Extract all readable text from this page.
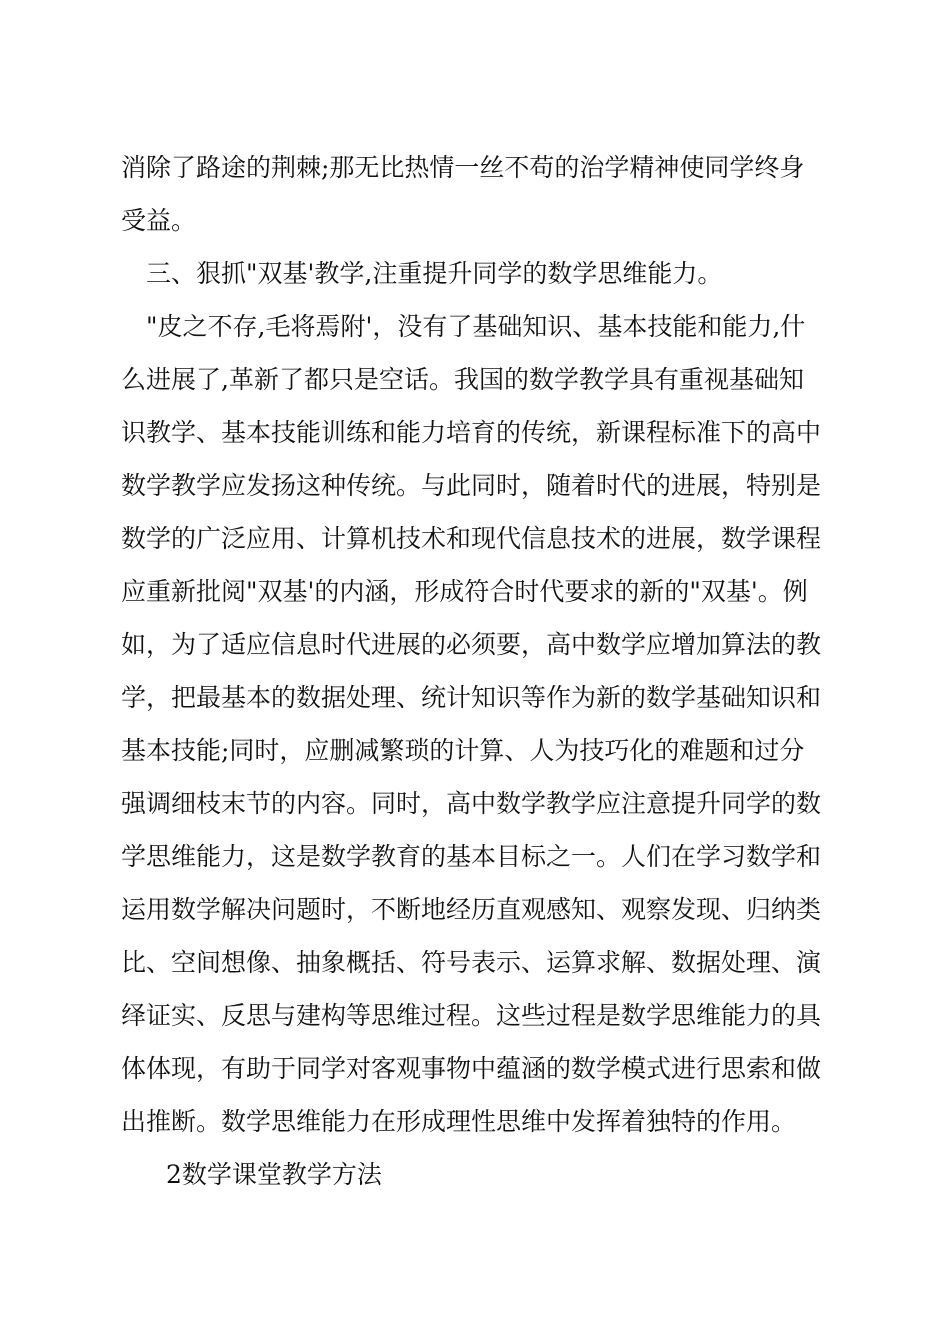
消除了路途的荆棘;那无比热情一丝不苟的治学精神使同学终身
受益。
三、狠抓"双基'教学,注重提升同学的数学思维能力。
"皮之不存,毛将焉附'，没有了基础知识、基本技能和能力,什
么进展了,革新了都只是空话。我国的数学教学具有重视基础知
识教学、基本技能训练和能力培育的传统，新课程标准下的高中
数学教学应发扬这种传统。与此同时，随着时代的进展，特别是
数学的广泛应用、计算机技术和现代信息技术的进展，数学课程
应重新批阅"双基'的内涵，形成符合时代要求的新的"双基'。例
如，为了适应信息时代进展的必须要，高中数学应增加算法的教
学，把最基本的数据处理、统计知识等作为新的数学基础知识和
基本技能;同时，应删减繁琐的计算、人为技巧化的难题和过分
强调细枝末节的内容。同时，高中数学教学应注意提升同学的数
学思维能力，这是数学教育的基本目标之一。人们在学习数学和
运用数学解决问题时，不断地经历直观感知、观察发现、归纳类
比、空间想像、抽象概括、符号表示、运算求解、数据处理、演
绎证实、反思与建构等思维过程。这些过程是数学思维能力的具
体体现，有助于同学对客观事物中蕴涵的数学模式进行思索和做
出推断。数学思维能力在形成理性思维中发挥着独特的作用。
2数学课堂教学方法
